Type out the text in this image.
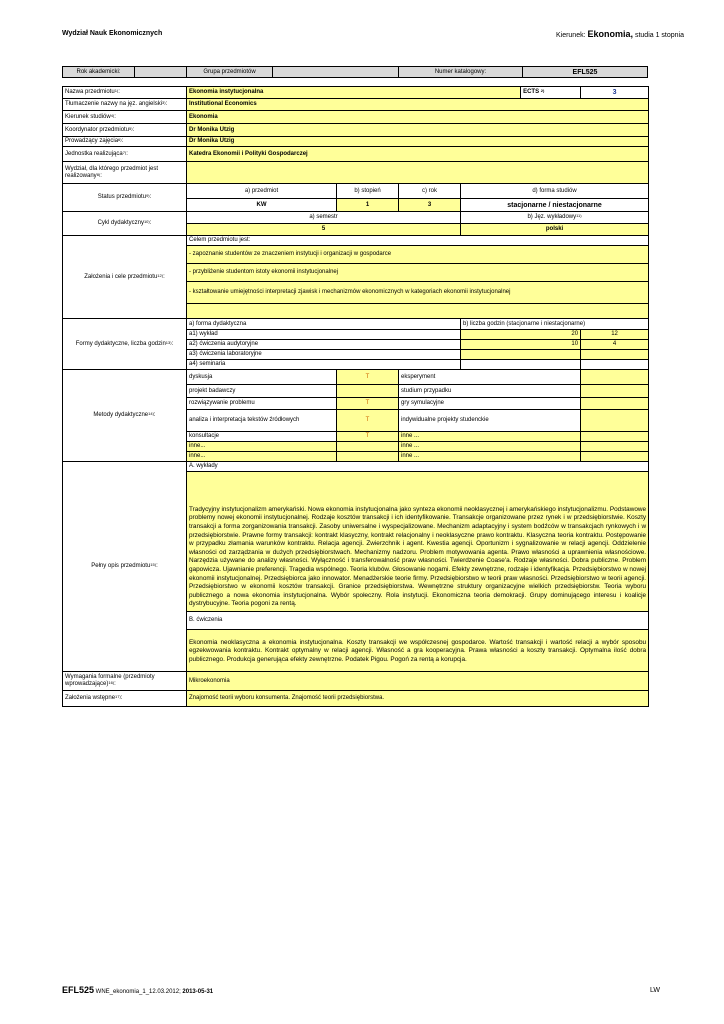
Wydział Nauk Ekonomicznych	Kierunek: Ekonomia, studia 1 stopnia
Rok akademicki:		Grupa przedmiotów		Numer katalogowy:	EFL525
Nazwa przedmiotu$^{1)}$:	Ekonomia instytucjonalna				ECTS $^{2)}$	3
Tłumaczenie nazwy na jęz. angielski$^{3)}$:	Institutional Economics					
Kierunek studiów$^{4)}$:	Ekonomia					
Koordynator przedmiotu$^{5)}$:	Dr Monika Utzig					
Prowadzący zajęcia$^{6)}$:	Dr Monika Utzig					
Jednostka realizująca$^{7)}$:	Katedra Ekonomii i Polityki Gospodarczej					
Wydział, dla którego przedmiot jest realizowany$^{8)}$:						
Status przedmiotu$^{9)}$:	a) przedmiot	b) stopień	c) rok	d) forma studiów		
	KW	1	3	stacjonarne / niestacjonarne		
Cykl dydaktyczny$^{10)}$:	a) semestr			b) Jęz. wykładowy$^{11)}$
	5			polski		
Założenia i cele przedmiotu$^{12)}$:	Celem przedmiotu jest:					
	- zapoznanie studentów ze znaczeniem instytucji i organizacji w gospodarce					
	- przybliżenie studentom istoty ekonomii instytucjonalnej					
	- kształtowanie umiejętności interpretacji zjawisk i mechanizmów ekonomicznych w kategoriach ekonomii instytucjonalnej					

Formy dydaktyczne, liczba godzin$^{13)}$:	a) forma dydaktyczna			b) liczba godzin (stacjonarne i niestacjonarne)		
	a1) wykład			20		12
	a2) ćwiczenia audytoryjne			10		4
	a3) ćwiczenia laboratoryjne					
	a4) seminaria					
Metody dydaktyczne$^{14)}$:	dyskusja	T	eksperyment			
	projekt badawczy		studium przypadku			
	rozwiązywanie problemu	T	gry symulacyjne			
	analiza i interpretacja tekstów źródłowych	T	indywidualne projekty studenckie			
	konsultacje	T	inne ...			
	inne...		inne ...			
	inne...		inne ...			
Pełny opis przedmiotu$^{15)}$:	A. wykłady					
	Tradycyjny instytucjonalizm amerykański. Nowa ekonomia instytucjonalna jako synteza ekonomii neoklasycznej i amerykańskiego instytucjonalizmu. Podstawowe problemy nowej ekonomii instytucjonalnej. Rodzaje kosztów transakcji i ich identyfikowanie. Transakcje organizowane przez rynek i w przedsiębiorstwie. Koszty transakcji a forma zorganizowania transakcji. Zasoby uniwersalne i wyspecjalizowane. Mechanizm adaptacyjny i system bodźców w transakcjach rynkowych i w przedsiębiorstwie. Prawne formy transakcji: kontrakt klasyczny, kontrakt relacjonalny i neoklasyczne prawo kontraktu. Klasyczna teoria kontraktu. Postępowanie w przypadku złamania warunków kontraktu. Relacja agencji. Zwierzchnik i agent. Kwestia agencji. Oportunizm i sygnalizowanie w relacji agencji. Oddzielenie własności od zarządzania w dużych przedsiębiorstwach. Mechanizmy nadzoru. Problem motywowania agenta. Prawo własności a uprawnienia własnościowe. Narzędzia używane do analizy własności. Wyłączność i transferowalność praw własności. Twierdzenie Coase'a. Rodzaje własności. Dobra publiczne. Problem gapowicza. Ujawnianie preferencji. Tragedia wspólnego. Teoria klubów. Głosowanie nogami. Efekty zewnętrzne, rodzaje i identyfikacja. Przedsiębiorstwo w nowej ekonomii instytucjonalnej. Przedsiębiorca jako innowator. Menadżerskie teorie firmy. Przedsiębiorstwo w teorii praw własności. Przedsiębiorstwo w teorii agencji. Przedsiębiorstwo w ekonomii kosztów transakcji. Granice przedsiębiorstwa. Wewnętrzne struktury organizacyjne wielkich przedsiębiorstw. Teoria wyboru publicznego a nowa ekonomia instytucjonalna. Wybór społeczny. Rola instytucji. Ekonomiczna teoria demokracji. Grupy dominującego interesu i koalicje dystrybucyjne. Teoria pogoni za rentą.					
	B. ćwiczenia					
	Ekonomia neoklasyczna a ekonomia instytucjonalna. Koszty transakcji we współczesnej gospodarce. Wartość transakcji i wartość relacji a wybór sposobu egzekwowania kontraktu. Kontrakt optymalny w relacji agencji. Własność a gra kooperacyjna. Prawa własności a koszty transakcji. Optymalna ilość dobra publicznego. Produkcja generująca efekty zewnętrzne. Podatek Pigou. Pogoń za rentą a korupcja.					
Wymagania formalne (przedmioty wprowadzające)$^{16)}$:	Mikroekonomia					
Założenia wstępne$^{17)}$:	Znajomość teorii wyboru konsumenta. Znajomość teorii przedsiębiorstwa.					
EFL525 WNE_ekonomia_1_12.03.2012; 2013-05-31	LW
